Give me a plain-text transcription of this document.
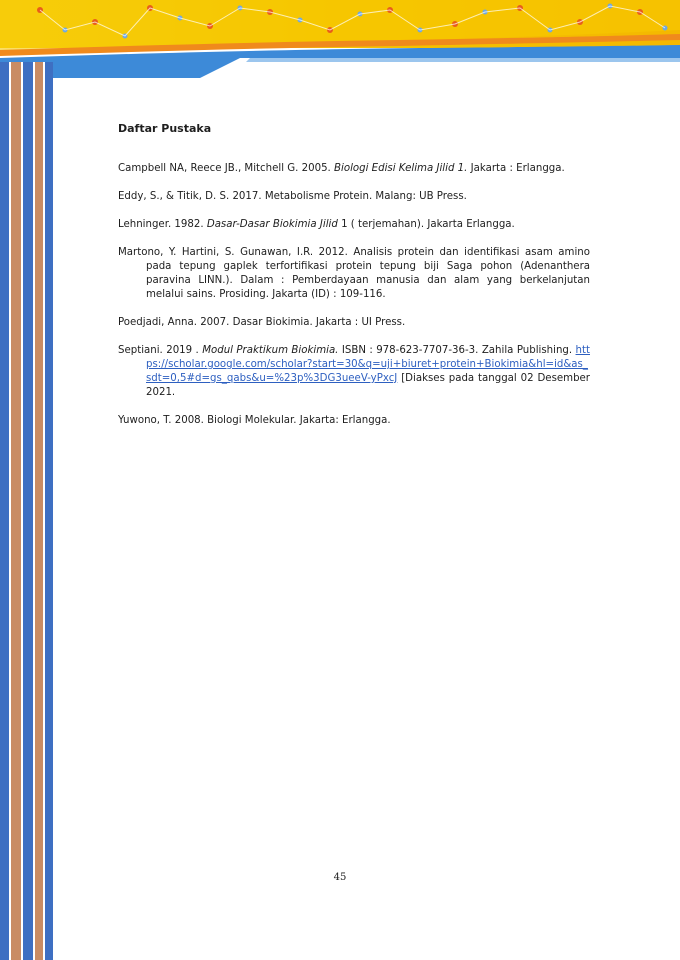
Daftar Pustaka
Campbell NA, Reece JB., Mitchell G. 2005. Biologi Edisi Kelima Jilid 1. Jakarta : Erlangga.
Eddy, S., & Titik, D. S. 2017. Metabolisme Protein. Malang: UB Press.
Lehninger. 1982. Dasar-Dasar Biokimia Jilid 1 ( terjemahan). Jakarta Erlangga.
Martono, Y. Hartini, S. Gunawan, I.R. 2012. Analisis protein dan identifikasi asam amino pada tepung gaplek terfortifikasi protein tepung biji Saga pohon (Adenanthera paravina LINN.). Dalam : Pemberdayaan manusia dan alam yang berkelanjutan melalui sains. Prosiding. Jakarta (ID) : 109-116.
Poedjadi, Anna. 2007. Dasar Biokimia. Jakarta : UI Press.
Septiani. 2019 . Modul Praktikum Biokimia. ISBN : 978-623-7707-36-3. Zahila Publishing. https://scholar.google.com/scholar?start=30&q=uji+biuret+protein+Biokimia&hl=id&as_sdt=0,5#d=gs_qabs&u=%23p%3DG3ueeV-yPxcJ [Diakses pada tanggal 02 Desember 2021.
Yuwono, T. 2008. Biologi Molekular. Jakarta: Erlangga.
45
